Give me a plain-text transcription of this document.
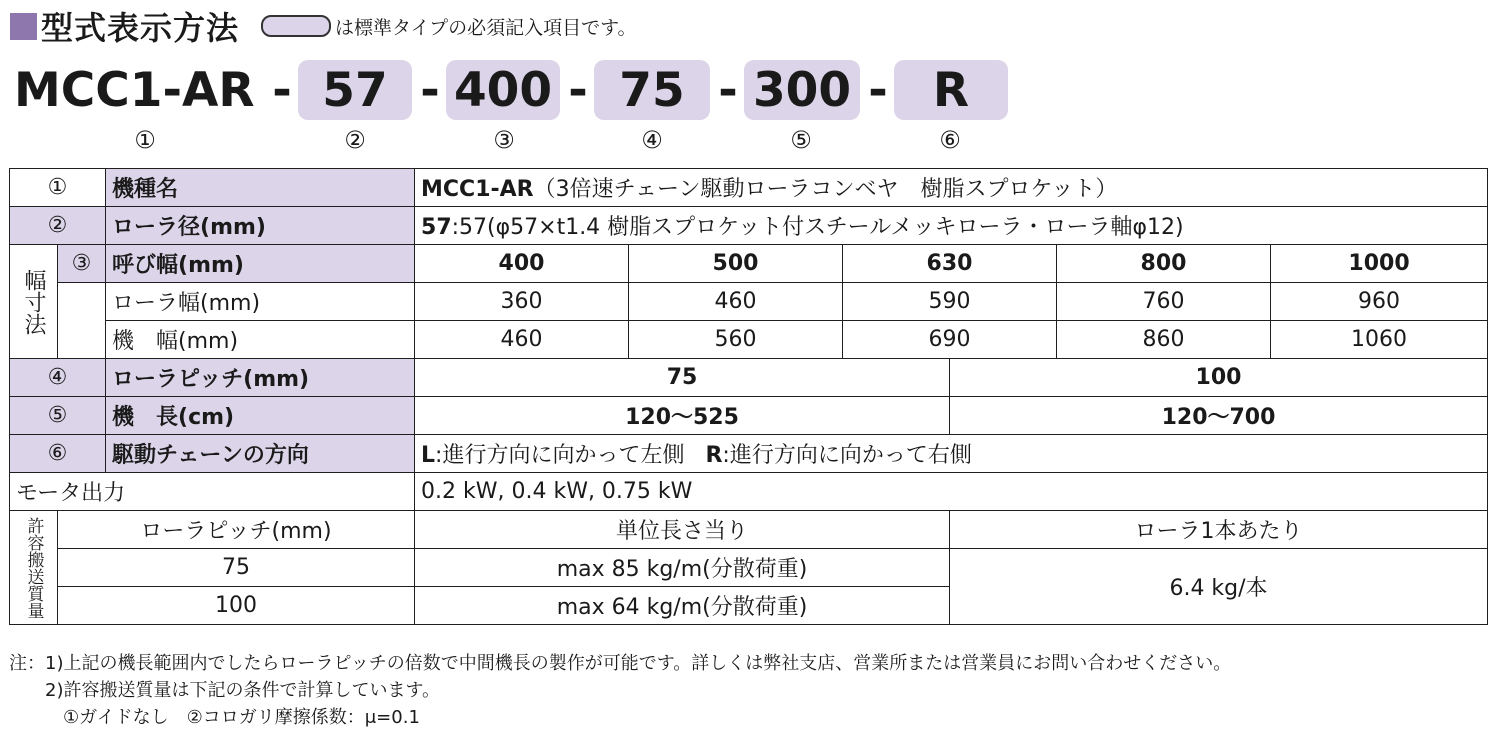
型式表示方法	は標準タイプの必須記入項目です。
MCC1-AR - 57 - 400 - 75 - 300 - R
①	②	③	④	⑤	⑥
①		機種名	MCC1-AR（3倍速チェーン駆動ローラコンベヤ　樹脂スプロケット）					
②		ローラ径(mm)	57:57(φ57×t1.4 樹脂スプロケット付スチールメッキローラ・ローラ軸φ12)					
幅寸法	③	呼び幅(mm)	400	500	630		800	1000
		ローラ幅(mm)	360	460	590		760	960
		機　幅(mm)	460	560	690		860	1060
④		ローラピッチ(mm)	75			100		
⑤		機　長(cm)	120～525			120～700		
⑥		駆動チェーンの方向	L:進行方向に向かって左側 R:進行方向に向かって右側					
モータ出力			0.2 kW, 0.4 kW, 0.75 kW					
許容搬送質量	ローラピッチ(mm)		単位長さ当り			ローラ1本あたり		
	75		max 85 kg/m(分散荷重)			6.4 kg/本		
	100		max 64 kg/m(分散荷重)					
注：1)上記の機長範囲内でしたらローラピッチの倍数で中間機長の製作が可能です。詳しくは弊社支店、営業所または営業員にお問い合わせください。
　　2)許容搬送質量は下記の条件で計算しています。
　　　①ガイドなし　②コロガリ摩擦係数：μ=0.1
